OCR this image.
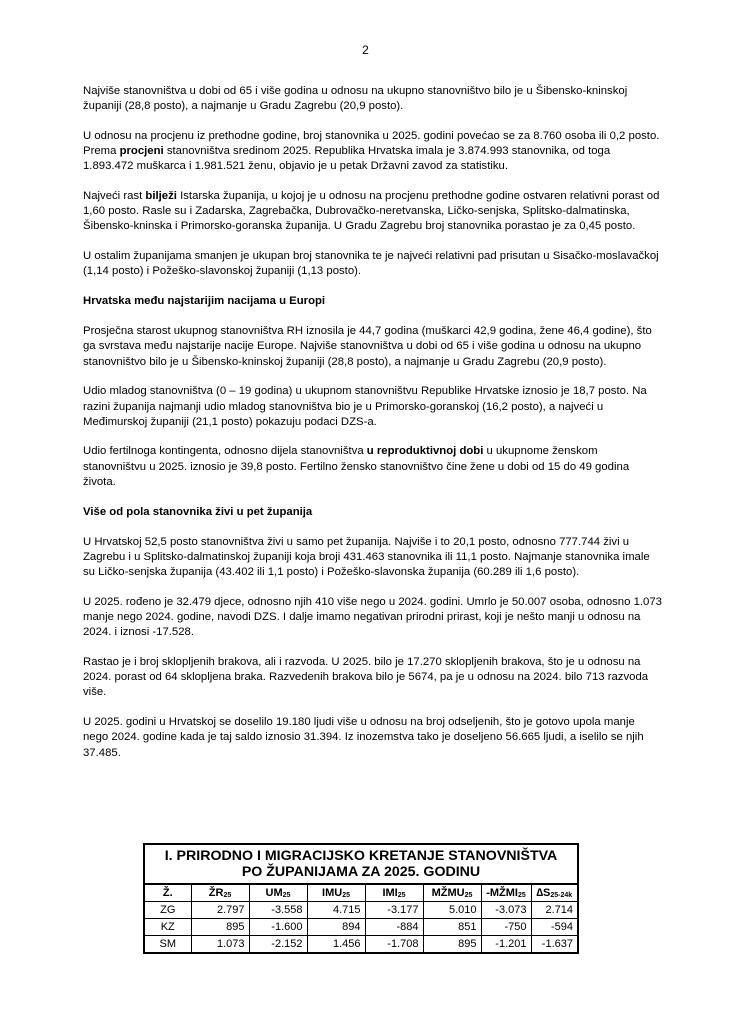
2

Najviše stanovništva u dobi od 65 i više godina u odnosu na ukupno stanovništvo bilo je u Šibensko-kninskoj županiji (28,8 posto), a najmanje u Gradu Zagrebu (20,9 posto).

U odnosu na procjenu iz prethodne godine, broj stanovnika u 2025. godini povećao se za 8.760 osoba ili 0,2 posto. Prema procjeni stanovništva sredinom 2025. Republika Hrvatska imala je 3.874.993 stanovnika, od toga 1.893.472 muškarca i 1.981.521 ženu, objavio je u petak Državni zavod za statistiku.

Najveći rast bilježi Istarska županija, u kojoj je u odnosu na procjenu prethodne godine ostvaren relativni porast od 1,60 posto. Rasle su i Zadarska, Zagrebačka, Dubrovačko-neretvanska, Ličko-senjska, Splitsko-dalmatinska, Šibensko-kninska i Primorsko-goranska županija. U Gradu Zagrebu broj stanovnika porastao je za 0,45 posto.

U ostalim županijama smanjen je ukupan broj stanovnika te je najveći relativni pad prisutan u Sisačko-moslavačkoj (1,14 posto) i Požeško-slavonskoj županiji (1,13 posto).

Hrvatska među najstarijim nacijama u Europi

Prosječna starost ukupnog stanovništva RH iznosila je 44,7 godina (muškarci 42,9 godina, žene 46,4 godine), što ga svrstava među najstarije nacije Europe. Najviše stanovništva u dobi od 65 i više godina u odnosu na ukupno stanovništvo bilo je u Šibensko-kninskoj županiji (28,8 posto), a najmanje u Gradu Zagrebu (20,9 posto).

Udio mladog stanovništva (0 – 19 godina) u ukupnom stanovništvu Republike Hrvatske iznosio je 18,7 posto. Na razini županija najmanji udio mladog stanovništva bio je u Primorsko-goranskoj (16,2 posto), a najveći u Međimurskoj županiji (21,1 posto) pokazuju podaci DZS-a.

Udio fertilnoga kontingenta, odnosno dijela stanovništva u reproduktivnoj dobi u ukupnome ženskom stanovništvu u 2025. iznosio je 39,8 posto. Fertilno žensko stanovništvo čine žene u dobi od 15 do 49 godina života.

Više od pola stanovnika živi u pet županija

U Hrvatskoj 52,5 posto stanovništva živi u samo pet županija. Najviše i to 20,1 posto, odnosno 777.744 živi u Zagrebu i u Splitsko-dalmatinskoj županiji koja broji 431.463 stanovnika ili 11,1 posto. Najmanje stanovnika imale su Ličko-senjska županija (43.402 ili 1,1 posto) i Požeško-slavonska županija (60.289 ili 1,6 posto).

U 2025. rođeno je 32.479 djece, odnosno njih 410 više nego u 2024. godini. Umrlo je 50.007 osoba, odnosno 1.073 manje nego 2024. godine, navodi DZS. I dalje imamo negativan prirodni prirast, koji je nešto manji u odnosu na 2024. i iznosi -17.528.

Rastao je i broj sklopljenih brakova, ali i razvoda. U 2025. bilo je 17.270 sklopljenih brakova, što je u odnosu na 2024. porast od 64 sklopljena braka. Razvedenih brakova bilo je 5674, pa je u odnosu na 2024. bilo 713 razvoda više.

U 2025. godini u Hrvatskoj se doselilo 19.180 ljudi više u odnosu na broj odseljenih, što je gotovo upola manje nego 2024. godine kada je taj saldo iznosio 31.394. Iz inozemstva tako je doseljeno 56.665 ljudi, a iselilo se njih 37.485.

I. PRIRODNO I MIGRACIJSKO KRETANJE STANOVNIŠTVA
PO ŽUPANIJAMA ZA 2025. GODINU
Ž.	$ŽR_{25}$	$UM_{25}$	$IMU_{25}$	$IMI_{25}$	$MŽMU_{25}$	$-MŽMI_{25}$	$\Delta S_{25-24k}$
ZG	2.797	-3.558	4.715	-3.177	5.010	-3.073	2.714
KZ	895	-1.600	894	-884	851	-750	-594
SM	1.073	-2.152	1.456	-1.708	895	-1.201	-1.637
